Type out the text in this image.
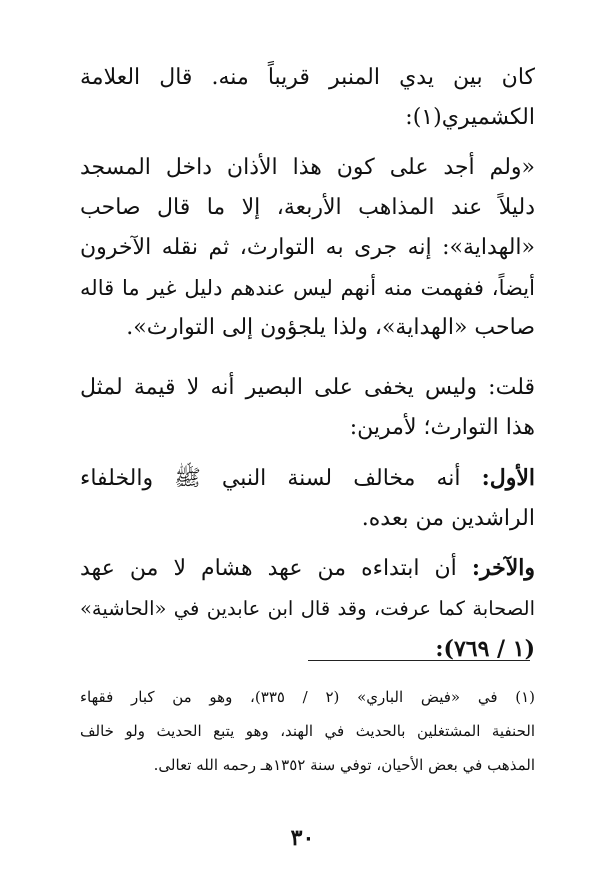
كان بين يدي المنبر قريباً منه. قال العلامة
الكشميري(١):
«ولم أجد على كون هذا الأذان داخل المسجد
دليلاً عند المذاهب الأربعة، إلا ما قال صاحب
«الهداية»: إنه جرى به التوارث، ثم نقله الآخرون
أيضاً، ففهمت منه أنهم ليس عندهم دليل غير ما قاله
صاحب «الهداية»، ولذا يلجؤون إلى التوارث».
قلت: وليس يخفى على البصير أنه لا قيمة لمثل
هذا التوارث؛ لأمرين:
الأول: أنه مخالف لسنة النبي ﷺ والخلفاء
الراشدين من بعده.
والآخر: أن ابتداءه من عهد هشام لا من عهد
الصحابة كما عرفت، وقد قال ابن عابدين في «الحاشية»
(١ / ٧٦٩):
(١) في «فيض الباري» (٢ / ٣٣٥)، وهو من كبار فقهاء
الحنفية المشتغلين بالحديث في الهند، وهو يتبع الحديث ولو خالف
المذهب في بعض الأحيان، توفي سنة ١٣٥٢هـ رحمه الله تعالى.
٣٠
